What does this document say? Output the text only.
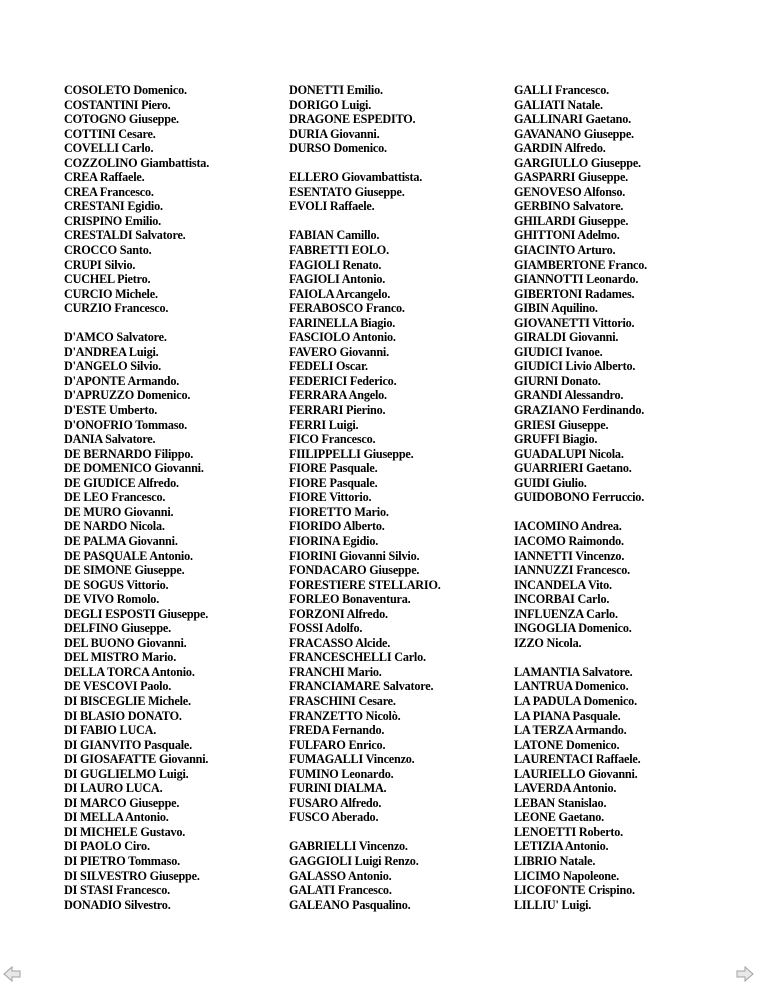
COSOLETO Domenico.
COSTANTINI Piero.
COTOGNO Giuseppe.
COTTINI Cesare.
COVELLI Carlo.
COZZOLINO Giambattista.
CREA Raffaele.
CREA Francesco.
CRESTANI Egidio.
CRISPINO Emilio.
CRESTALDI Salvatore.
CROCCO Santo.
CRUPI Silvio.
CUCHEL Pietro.
CURCIO Michele.
CURZIO Francesco.
D'AMCO Salvatore.
D'ANDREA Luigi.
D'ANGELO Silvio.
D'APONTE Armando.
D'APRUZZO Domenico.
D'ESTE Umberto.
D'ONOFRIO Tommaso.
DANIA Salvatore.
DE BERNARDO Filippo.
DE DOMENICO Giovanni.
DE GIUDICE Alfredo.
DE LEO Francesco.
DE MURO Giovanni.
DE NARDO Nicola.
DE PALMA Giovanni.
DE PASQUALE Antonio.
DE SIMONE Giuseppe.
DE SOGUS Vittorio.
DE VIVO Romolo.
DEGLI ESPOSTI Giuseppe.
DELFINO Giuseppe.
DEL BUONO Giovanni.
DEL MISTRO Mario.
DELLA TORCA Antonio.
DE VESCOVI Paolo.
DI BISCEGLIE Michele.
DI BLASIO DONATO.
DI FABIO LUCA.
DI GIANVITO Pasquale.
DI GIOSAFATTE Giovanni.
DI GUGLIELMO Luigi.
DI LAURO LUCA.
DI MARCO Giuseppe.
DI MELLA Antonio.
DI MICHELE Gustavo.
DI PAOLO Ciro.
DI PIETRO Tommaso.
DI SILVESTRO Giuseppe.
DI STASI Francesco.
DONADIO Silvestro.
DONETTI Emilio.
DORIGO Luigi.
DRAGONE ESPEDITO.
DURIA Giovanni.
DURSO Domenico.
ELLERO Giovambattista.
ESENTATO Giuseppe.
EVOLI Raffaele.
FABIAN Camillo.
FABRETTI EOLO.
FAGIOLI Renato.
FAGIOLI Antonio.
FAIOLA Arcangelo.
FERABOSCO Franco.
FARINELLA Biagio.
FASCIOLO Antonio.
FAVERO Giovanni.
FEDELI Oscar.
FEDERICI Federico.
FERRARA Angelo.
FERRARI Pierino.
FERRI Luigi.
FICO Francesco.
FIILIPPELLI Giuseppe.
FIORE Pasquale.
FIORE Pasquale.
FIORE Vittorio.
FIORETTO Mario.
FIORIDO Alberto.
FIORINA Egidio.
FIORINI Giovanni Silvio.
FONDACARO Giuseppe.
FORESTIERE STELLARIO.
FORLEO Bonaventura.
FORZONI Alfredo.
FOSSI Adolfo.
FRACASSO Alcide.
FRANCESCHELLI Carlo.
FRANCHI Mario.
FRANCIAMARE Salvatore.
FRASCHINI Cesare.
FRANZETTO Nicolò.
FREDA Fernando.
FULFARO Enrico.
FUMAGALLI Vincenzo.
FUMINO Leonardo.
FURINI DIALMA.
FUSARO Alfredo.
FUSCO Aberado.
GABRIELLI Vincenzo.
GAGGIOLI Luigi Renzo.
GALASSO Antonio.
GALATI Francesco.
GALEANO Pasqualino.
GALLI Francesco.
GALIATI Natale.
GALLINARI Gaetano.
GAVANANO Giuseppe.
GARDIN Alfredo.
GARGIULLO Giuseppe.
GASPARRI Giuseppe.
GENOVESO Alfonso.
GERBINO Salvatore.
GHILARDI Giuseppe.
GHITTONI Adelmo.
GIACINTO Arturo.
GIAMBERTONE Franco.
GIANNOTTI Leonardo.
GIBERTONI Radames.
GIBIN Aquilino.
GIOVANETTI Vittorio.
GIRALDI Giovanni.
GIUDICI Ivanoe.
GIUDICI Livio Alberto.
GIURNI Donato.
GRANDI Alessandro.
GRAZIANO Ferdinando.
GRIESI Giuseppe.
GRUFFI Biagio.
GUADALUPI Nicola.
GUARRIERI Gaetano.
GUIDI Giulio.
GUIDOBONO Ferruccio.
IACOMINO Andrea.
IACOMO Raimondo.
IANNETTI Vincenzo.
IANNUZZI Francesco.
INCANDELA Vito.
INCORBAI Carlo.
INFLUENZA Carlo.
INGOGLIA Domenico.
IZZO Nicola.
LAMANTIA Salvatore.
LANTRUA Domenico.
LA PADULA Domenico.
LA PIANA Pasquale.
LA TERZA Armando.
LATONE Domenico.
LAURENTACI Raffaele.
LAURIELLO Giovanni.
LAVERDA Antonio.
LEBAN Stanislao.
LEONE Gaetano.
LENOETTI Roberto.
LETIZIA Antonio.
LIBRIO Natale.
LICIMO Napoleone.
LICOFONTE Crispino.
LILLIU' Luigi.
